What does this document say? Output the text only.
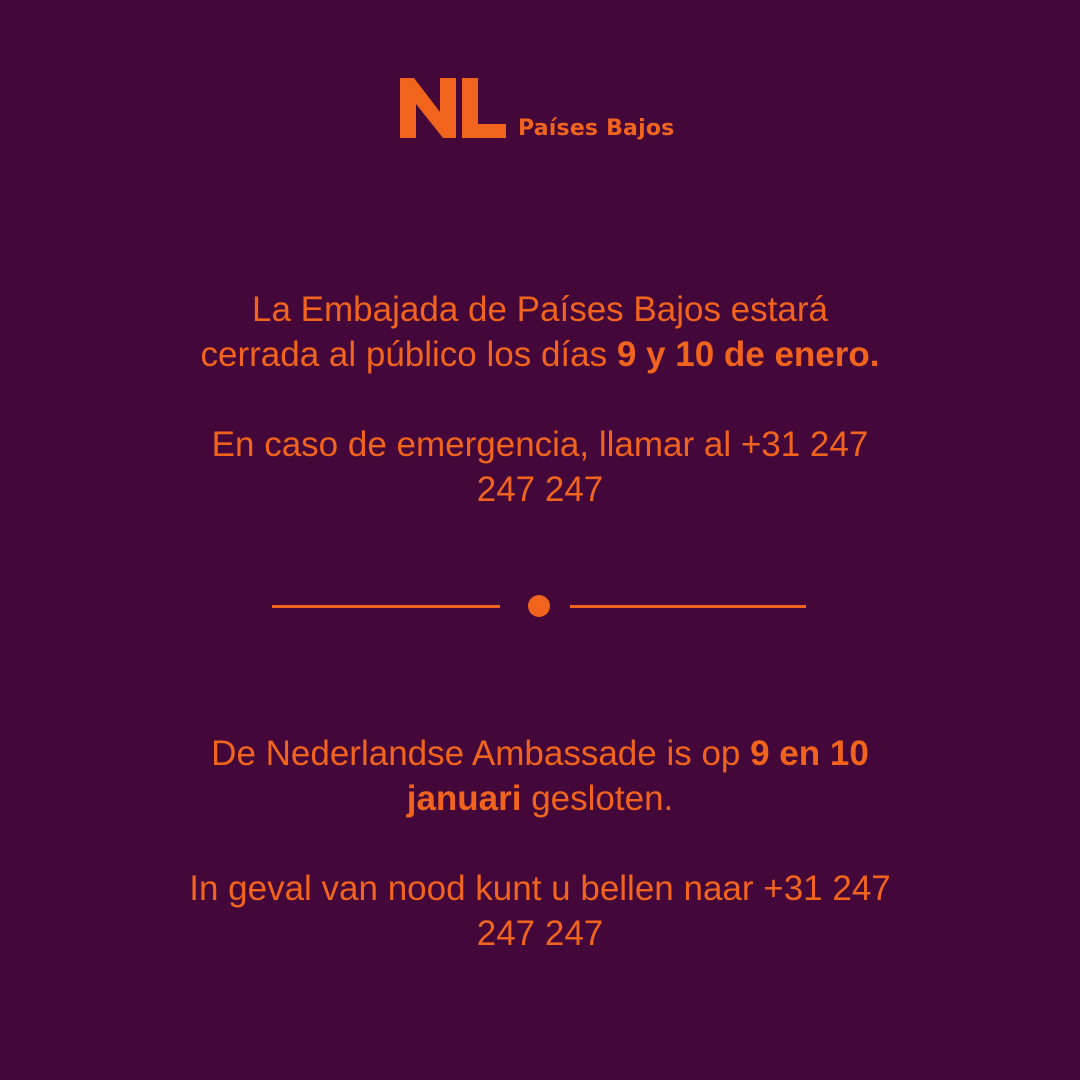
Países Bajos

La Embajada de Países Bajos estará

cerrada al público los días 9 y 10 de enero.

En caso de emergencia, llamar al +31 247

247 247

De Nederlandse Ambassade is op 9 en 10

januari gesloten.

In geval van nood kunt u bellen naar +31 247

247 247
